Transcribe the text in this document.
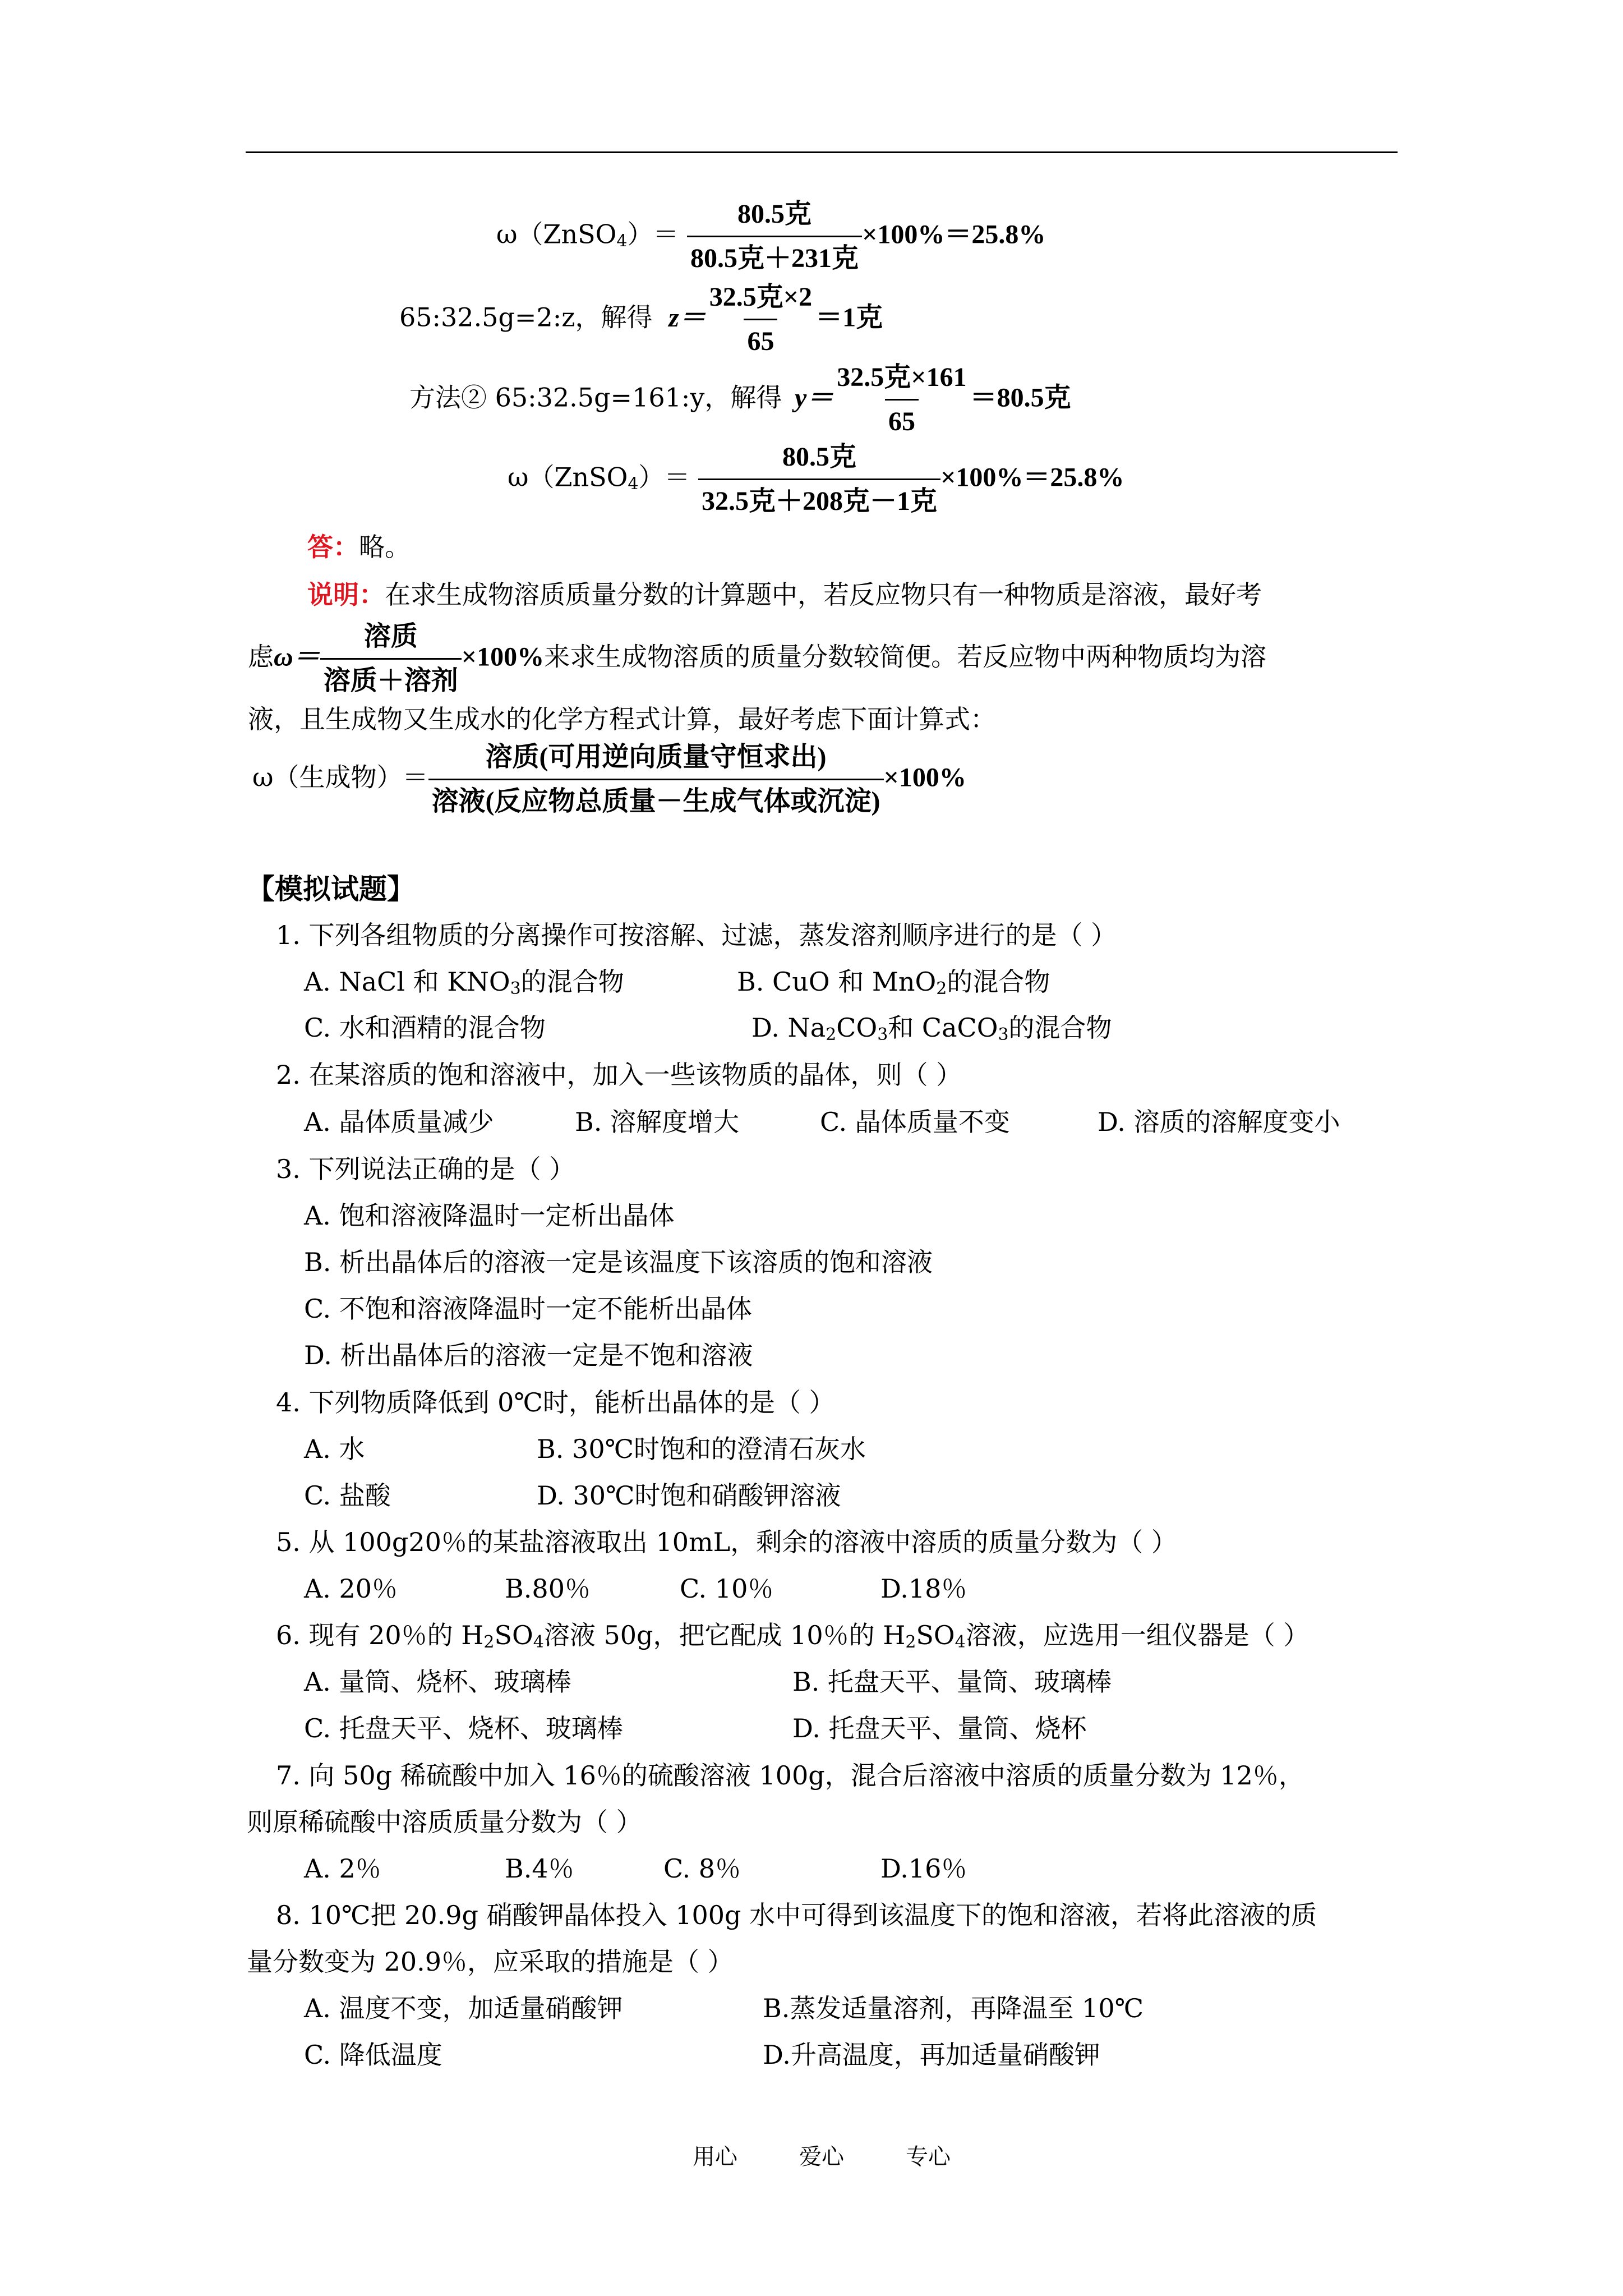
ω（ZnSO$_4$）＝ $\frac{\text{80.5克}}{\text{80.5克＋231克}} \times 100\%=25.8\%$
65:32.5g=2:z，解得 $z= \frac{\text{32.5克×2}}{65} =1$克
方法② 65:32.5g=161:y，解得 $y= \frac{\text{32.5克×161}}{65} =80.5$克
ω（ZnSO$_4$）＝ $\frac{\text{80.5克}}{\text{32.5克＋208克－1克}} \times 100\%=25.8\%$
答：略。
说明：在求生成物溶质质量分数的计算题中，若反应物只有一种物质是溶液，最好考
虑$\omega= \frac{\text{溶质}}{\text{溶质＋溶剂}} \times 100\%$来求生成物溶质的质量分数较简便。若反应物中两种物质均为溶
液，且生成物又生成水的化学方程式计算，最好考虑下面计算式：
ω（生成物）＝ $\frac{\text{溶质(可用逆向质量守恒求出)}}{\text{溶液(反应物总质量－生成气体或沉淀)}} \times 100\%$
【模拟试题】
1. 下列各组物质的分离操作可按溶解、过滤，蒸发溶剂顺序进行的是（ ）
A. NaCl 和 $KNO_3$的混合物	B. CuO 和 MnO$_2$的混合物
C. 水和酒精的混合物	D. $Na_2CO_3$和 CaCO$_3$的混合物
2. 在某溶质的饱和溶液中，加入一些该物质的晶体，则（ ）
A. 晶体质量减少	B. 溶解度增大	C. 晶体质量不变	D. 溶质的溶解度变小
3. 下列说法正确的是（ ）
A. 饱和溶液降温时一定析出晶体
B. 析出晶体后的溶液一定是该温度下该溶质的饱和溶液
C. 不饱和溶液降温时一定不能析出晶体
D. 析出晶体后的溶液一定是不饱和溶液
4. 下列物质降低到 0℃时，能析出晶体的是（ ）
A. 水	B. 30℃时饱和的澄清石灰水
C. 盐酸	D. 30℃时饱和硝酸钾溶液
5. 从 100g20％的某盐溶液取出 10mL，剩余的溶液中溶质的质量分数为（ ）
A. 20％	B.80％	C. 10％	D.18％
6. 现有 20％的 $H_2SO_4$溶液 50g，把它配成 10％的 $H_2SO_4$溶液，应选用一组仪器是（ ）
A. 量筒、烧杯、玻璃棒	B. 托盘天平、量筒、玻璃棒
C. 托盘天平、烧杯、玻璃棒	D. 托盘天平、量筒、烧杯
7. 向 50g 稀硫酸中加入 16％的硫酸溶液 100g，混合后溶液中溶质的质量分数为 12％，
则原稀硫酸中溶质质量分数为（ ）
A. 2％	B.4％	C. 8％	D.16％
8. 10℃把 20.9g 硝酸钾晶体投入 100g 水中可得到该温度下的饱和溶液，若将此溶液的质
量分数变为 20.9％，应采取的措施是（ ）
A. 温度不变，加适量硝酸钾	B.蒸发适量溶剂，再降温至 10℃
C. 降低温度	D.升高温度，再加适量硝酸钾
用心	爱心	专心
